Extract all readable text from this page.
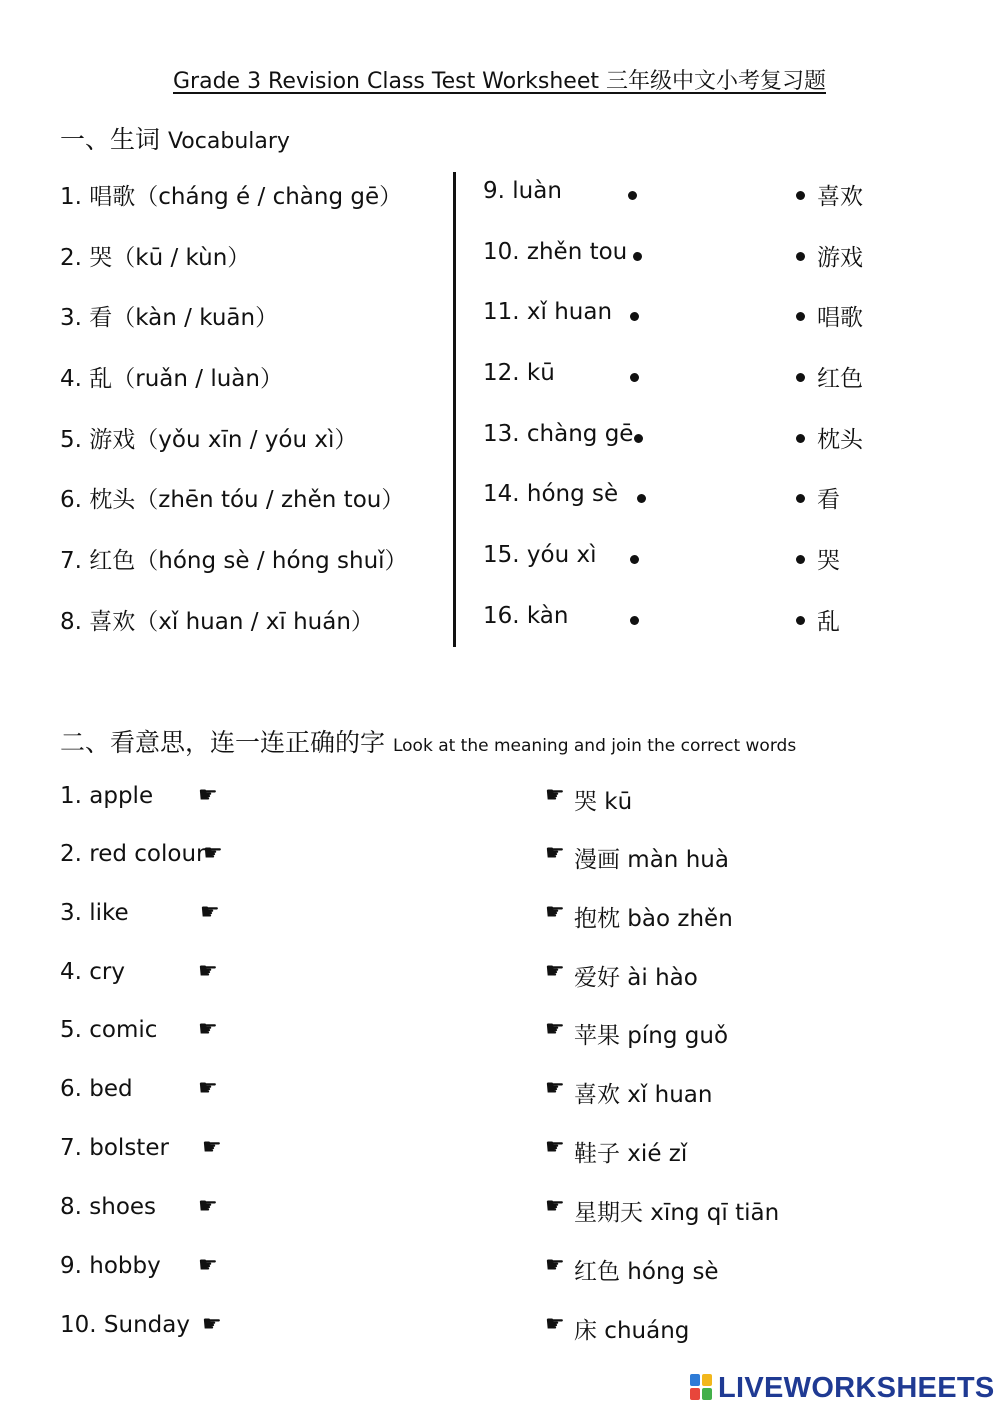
Grade 3 Revision Class Test Worksheet 三年级中文小考复习题
一、生词 Vocabulary
1. 唱歌（cháng é / chàng gē）
2. 哭（kū / kùn）
3. 看（kàn / kuān）
4. 乱（ruǎn / luàn）
5. 游戏（yǒu xīn / yóu xì）
6. 枕头（zhēn tóu / zhěn tou）
7. 红色（hóng sè / hóng shuǐ）
8. 喜欢（xǐ huan / xī huán）
9. luàn
10. zhěn tou
11. xǐ huan
12. kū
13. chàng gē
14. hóng sè
15. yóu xì
16. kàn
喜欢
游戏
唱歌
红色
枕头
看
哭
乱
二、看意思，连一连正确的字 Look at the meaning and join the correct words
1. apple
2. red colour
3. like
4. cry
5. comic
6. bed
7. bolster
8. shoes
9. hobby
10. Sunday
☛
☛
☛
☛
☛
☛
☛
☛
☛
☛
☛
☛
☛
☛
☛
☛
☛
☛
☛
☛
哭 kū
漫画 màn huà
抱枕 bào zhěn
爱好 ài hào
苹果 píng guǒ
喜欢 xǐ huan
鞋子 xié zǐ
星期天 xīng qī tiān
红色 hóng sè
床 chuáng
LIVEWORKSHEETS
